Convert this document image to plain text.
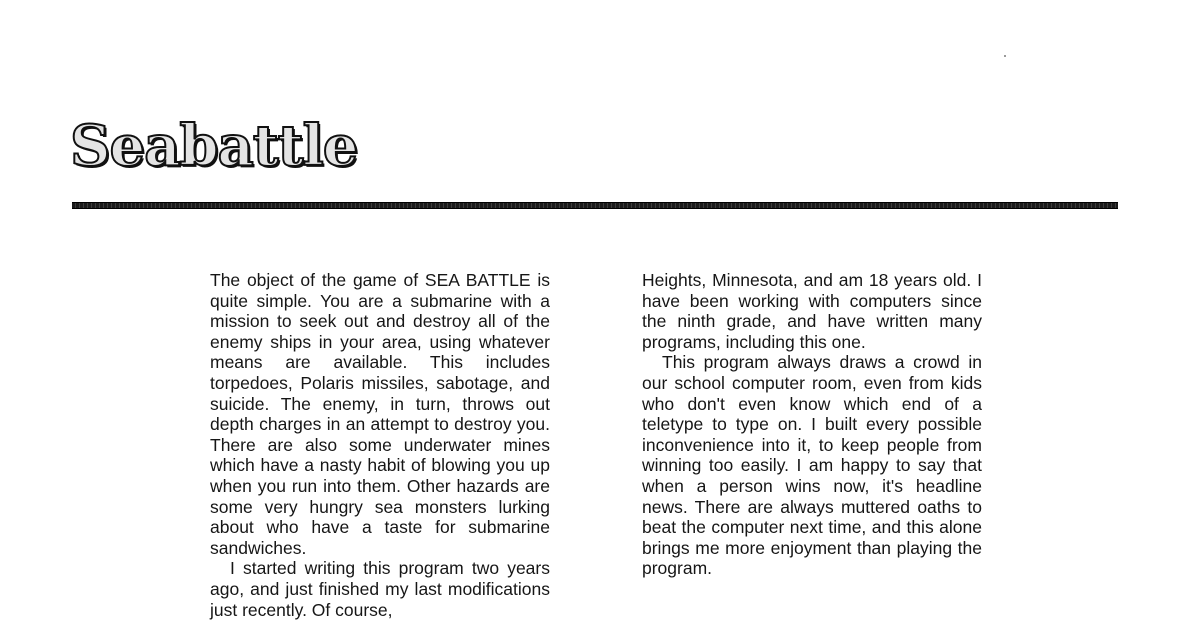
Seabattle

The object of the game of SEA BATTLE is quite simple. You are a submarine with a mission to seek out and destroy all of the enemy ships in your area, using whatever means are available. This includes torpedoes, Polaris missiles, sabotage, and suicide. The enemy, in turn, throws out depth charges in an attempt to destroy you. There are also some underwater mines which have a nasty habit of blowing you up when you run into them. Other hazards are some very hungry sea monsters lurking about who have a taste for submarine sandwiches.

I started writing this program two years ago, and just finished my last modifications just recently. Of course,

Heights, Minnesota, and am 18 years old. I have been working with computers since the ninth grade, and have written many programs, including this one.

This program always draws a crowd in our school computer room, even from kids who don't even know which end of a teletype to type on. I built every possible inconvenience into it, to keep people from winning too easily. I am happy to say that when a person wins now, it's headline news. There are always muttered oaths to beat the computer next time, and this alone brings me more enjoyment than playing the program.
